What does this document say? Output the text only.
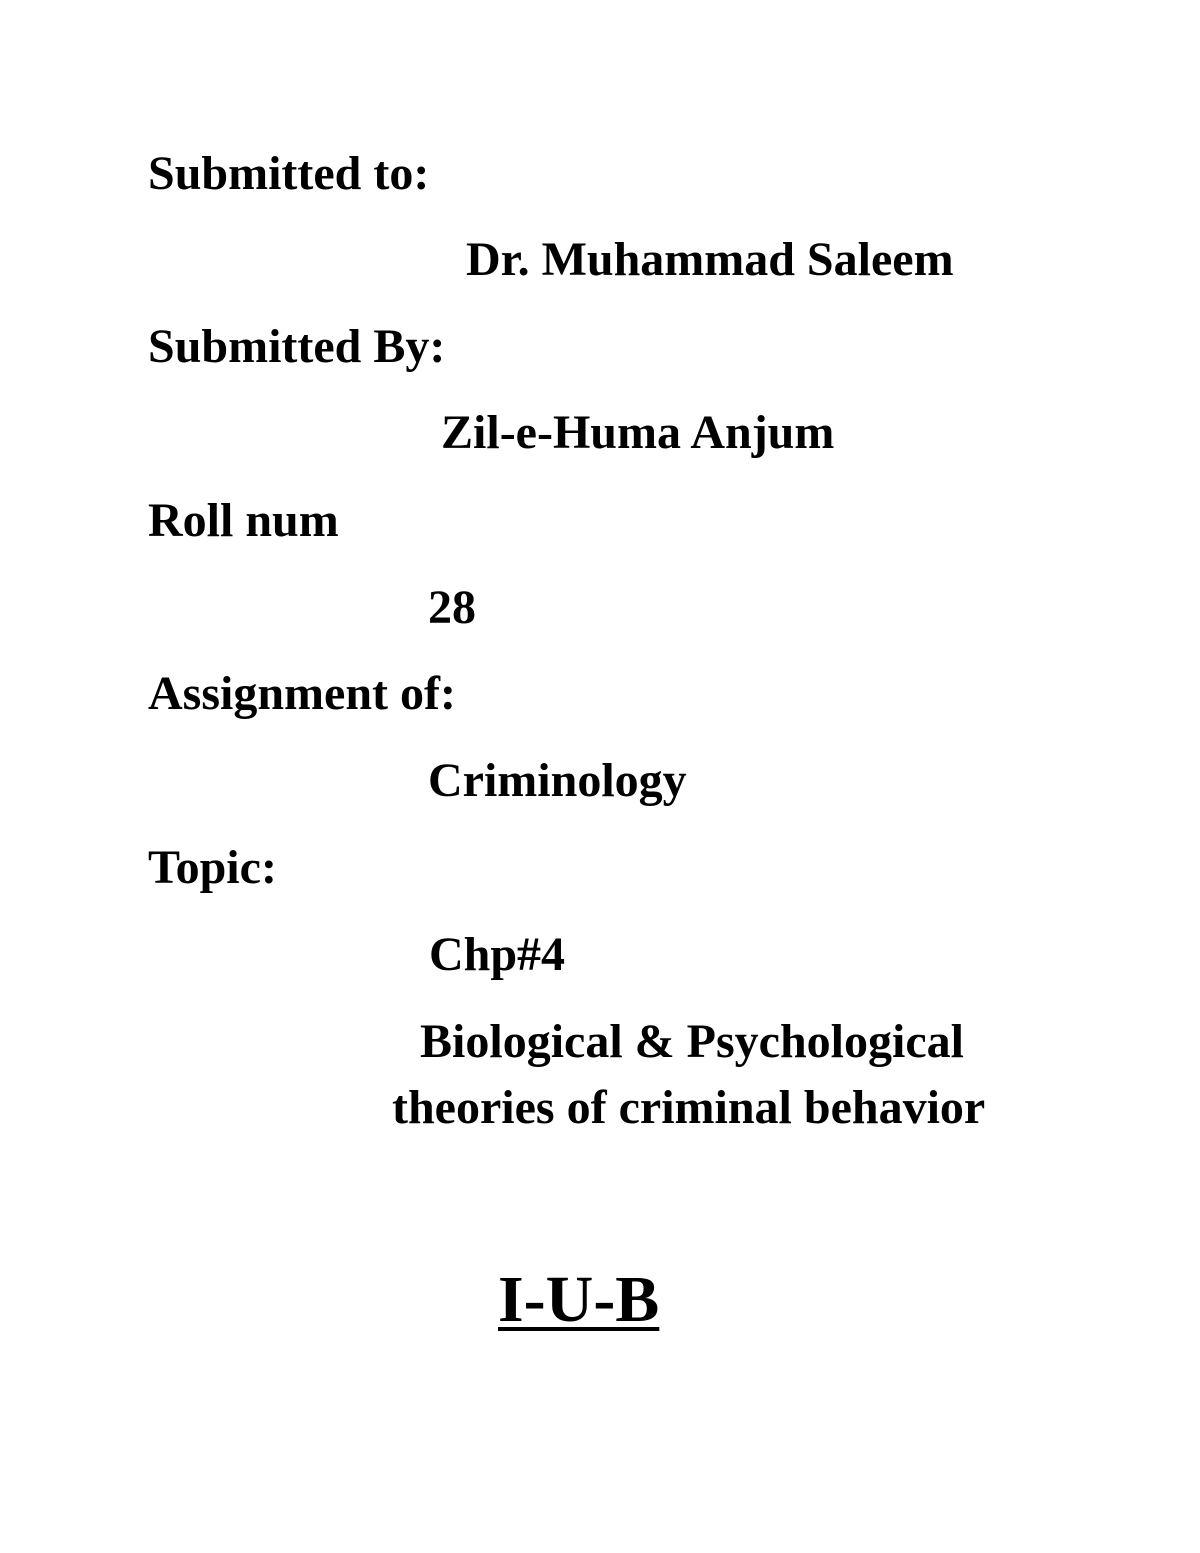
Submitted to:

Dr. Muhammad Saleem

Submitted By:

Zil-e-Huma Anjum

Roll num

28

Assignment of:

Criminology

Topic:

Chp#4

Biological & Psychological

theories of criminal behavior

I-U-B
